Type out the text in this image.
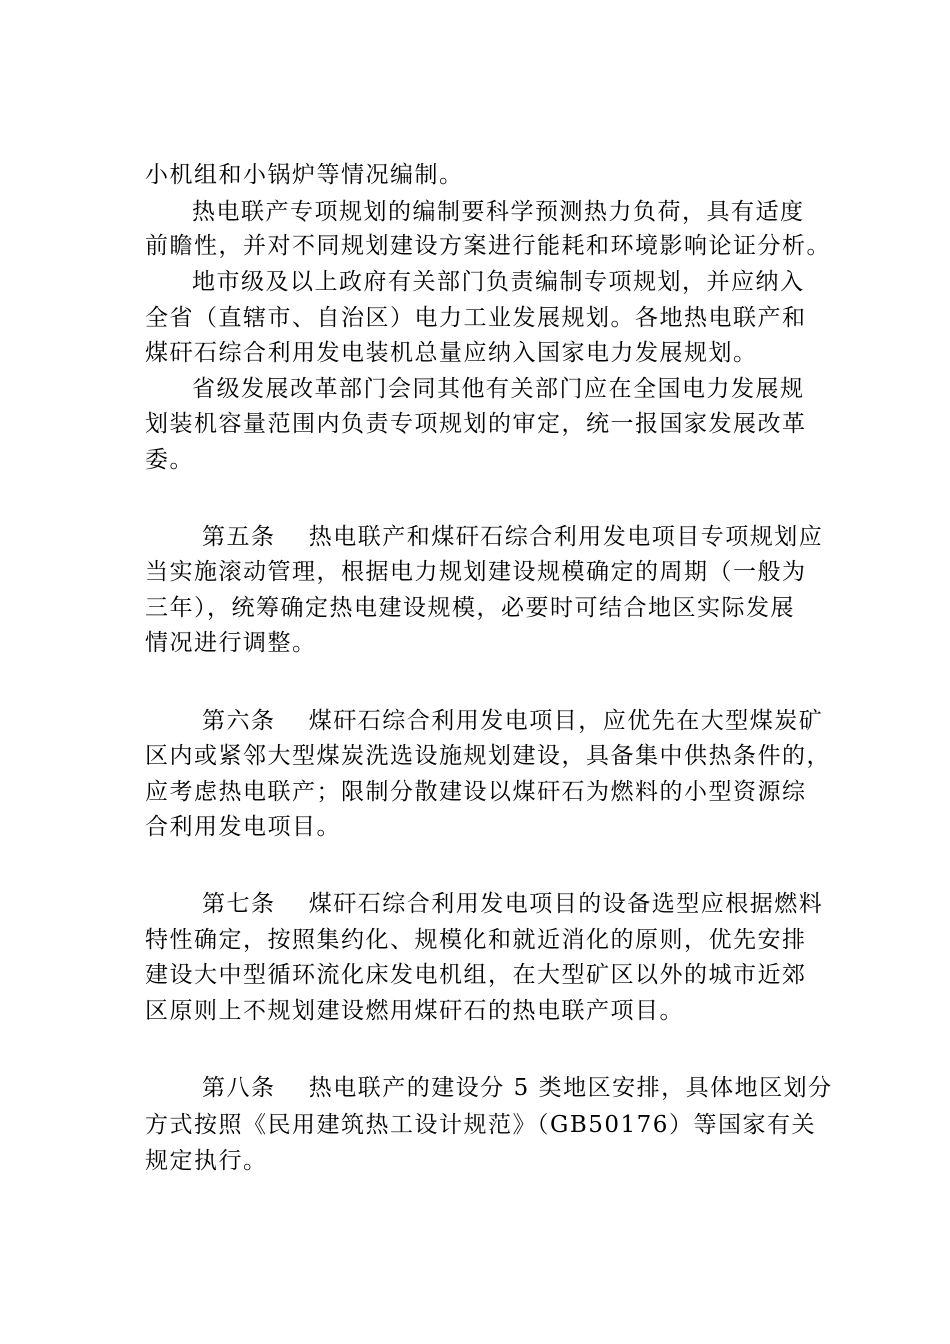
小机组和小锅炉等情况编制。
热电联产专项规划的编制要科学预测热力负荷，具有适度
前瞻性，并对不同规划建设方案进行能耗和环境影响论证分析。
地市级及以上政府有关部门负责编制专项规划，并应纳入
全省（直辖市、自治区）电力工业发展规划。各地热电联产和
煤矸石综合利用发电装机总量应纳入国家电力发展规划。
省级发展改革部门会同其他有关部门应在全国电力发展规
划装机容量范围内负责专项规划的审定，统一报国家发展改革
委。
第五条　 热电联产和煤矸石综合利用发电项目专项规划应
当实施滚动管理，根据电力规划建设规模确定的周期（一般为
三年），统筹确定热电建设规模，必要时可结合地区实际发展
情况进行调整。
第六条　 煤矸石综合利用发电项目，应优先在大型煤炭矿
区内或紧邻大型煤炭洗选设施规划建设，具备集中供热条件的，
应考虑热电联产；限制分散建设以煤矸石为燃料的小型资源综
合利用发电项目。
第七条　 煤矸石综合利用发电项目的设备选型应根据燃料
特性确定，按照集约化、规模化和就近消化的原则，优先安排
建设大中型循环流化床发电机组，在大型矿区以外的城市近郊
区原则上不规划建设燃用煤矸石的热电联产项目。
第八条　 热电联产的建设分 5 类地区安排，具体地区划分
方式按照《民用建筑热工设计规范》（GB50176）等国家有关
规定执行。
